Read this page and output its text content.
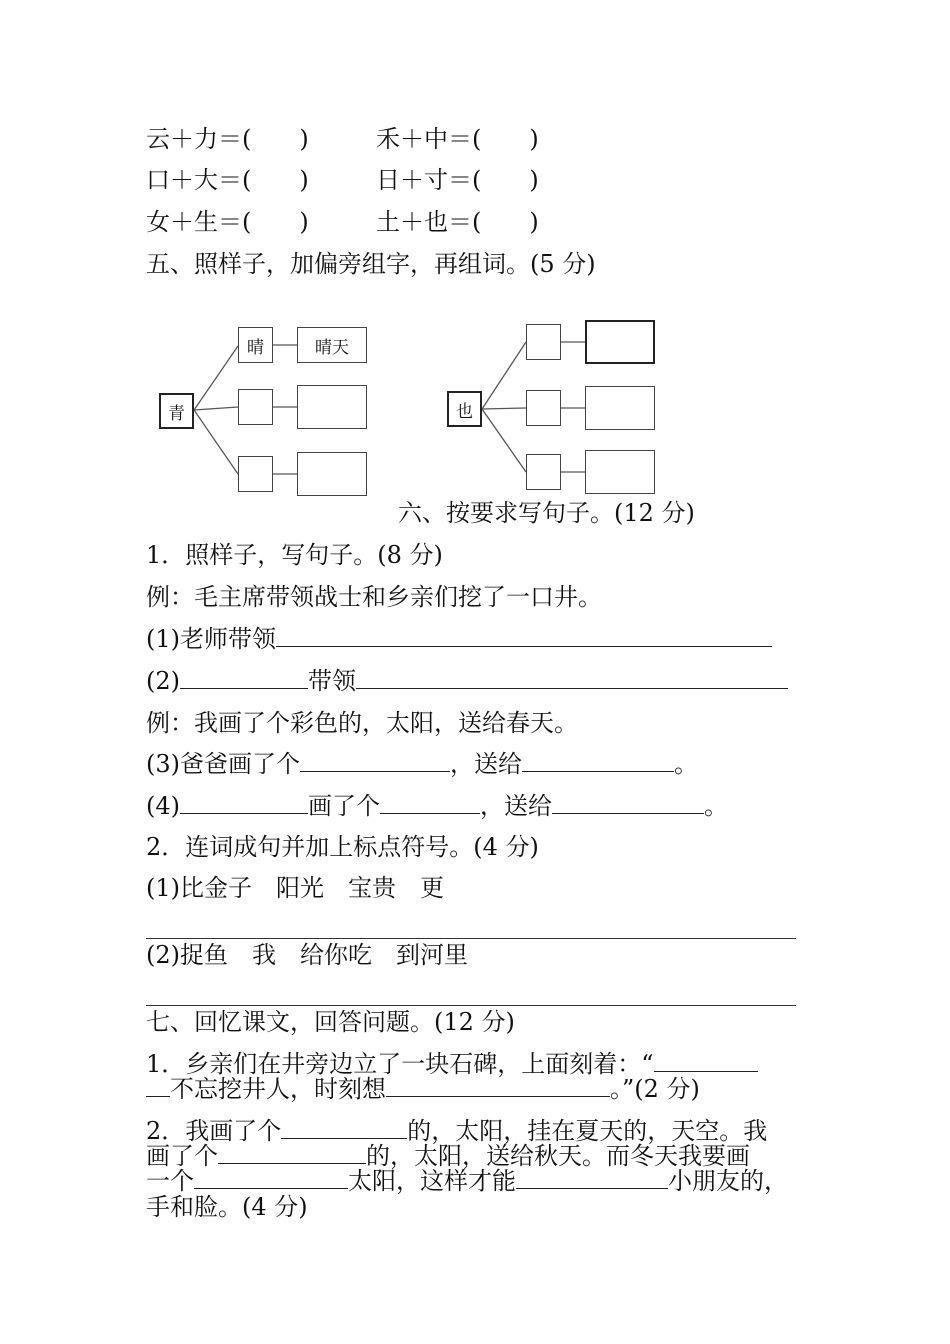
云＋力＝(　　)	禾＋中＝(　　)
口＋大＝(　　)	日＋寸＝(　　)
女＋生＝(　　)	土＋也＝(　　)
五、照样子，加偏旁组字，再组词。(5 分)
青
晴	晴天
也
六、按要求写句子。(12 分)
1．照样子，写句子。(8 分)
例：毛主席带领战士和乡亲们挖了一口井。
(1)老师带领
(2)	带领
例：我画了个彩色的，太阳，送给春天。
(3)爸爸画了个	，送给	。
(4)	画了个	，送给	。
2．连词成句并加上标点符号。(4 分)
(1)比金子　阳光　宝贵　更
(2)捉鱼　我　给你吃　到河里
七、回忆课文，回答问题。(12 分)
1．乡亲们在井旁边立了一块石碑，上面刻着：“
不忘挖井人，时刻想	。”(2 分)
2．我画了个	的，太阳，挂在夏天的，天空。我
画了个	的，太阳，送给秋天。而冬天我要画
一个	太阳，这样才能	小朋友的，
手和脸。(4 分)
